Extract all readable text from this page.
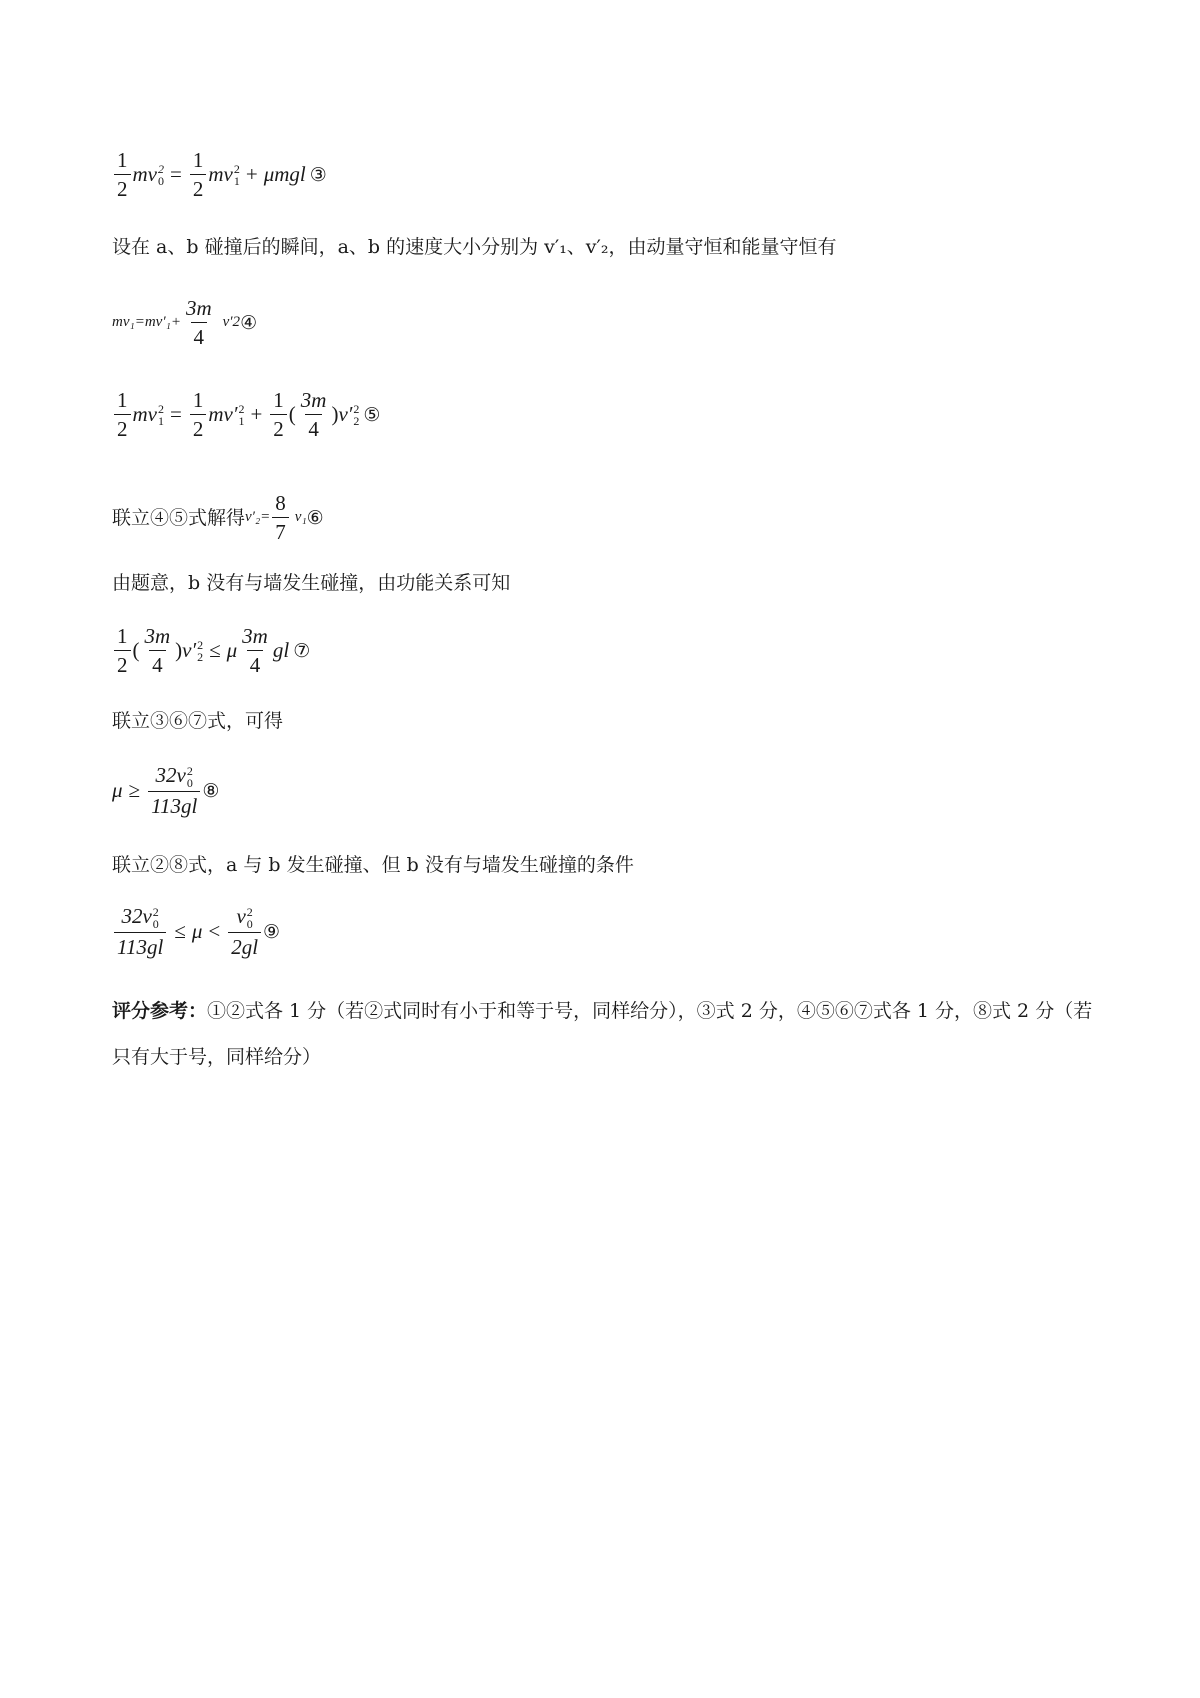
$\frac{1}{2}$ mv 2
$0 = \frac{1}{2}$ mv 2
1 + μmgl ③
设在 a、b 碰撞后的瞬间，a、b 的速度大小分别为 v′₁、v′₂，由动量守恒和能量守恒有
$mv_1=mv'_1+ \frac{3m}{4} v'2$ ④
$\frac{1}{2}$ mv 2
$1 = \frac{1}{2} mv'$ 2
$1 + \frac{1}{2}$ ( $\frac{3m}{4}$ ) v′ 2
2 ⑤
联立④⑤式解得 $v'_2= \frac{8}{7} v_1$ ⑥
由题意，b 没有与墙发生碰撞，由功能关系可知
$\frac{1}{2}$ ( $\frac{3m}{4}$ ) v′ 2
2 ≤ μ $\frac{3m}{4}$ gl ⑦
联立③⑥⑦式，可得
μ ≥ 32v 2
0
113gl ⑧
联立②⑧式，a 与 b 发生碰撞、但 b 没有与墙发生碰撞的条件
32v 2
0
113gl ≤ μ < v 2
0
2gl ⑨
评分参考：①②式各 1 分（若②式同时有小于和等于号，同样给分），③式 2 分，④⑤⑥⑦式各 1 分，⑧式 2 分（若只有大于号，同样给分）
